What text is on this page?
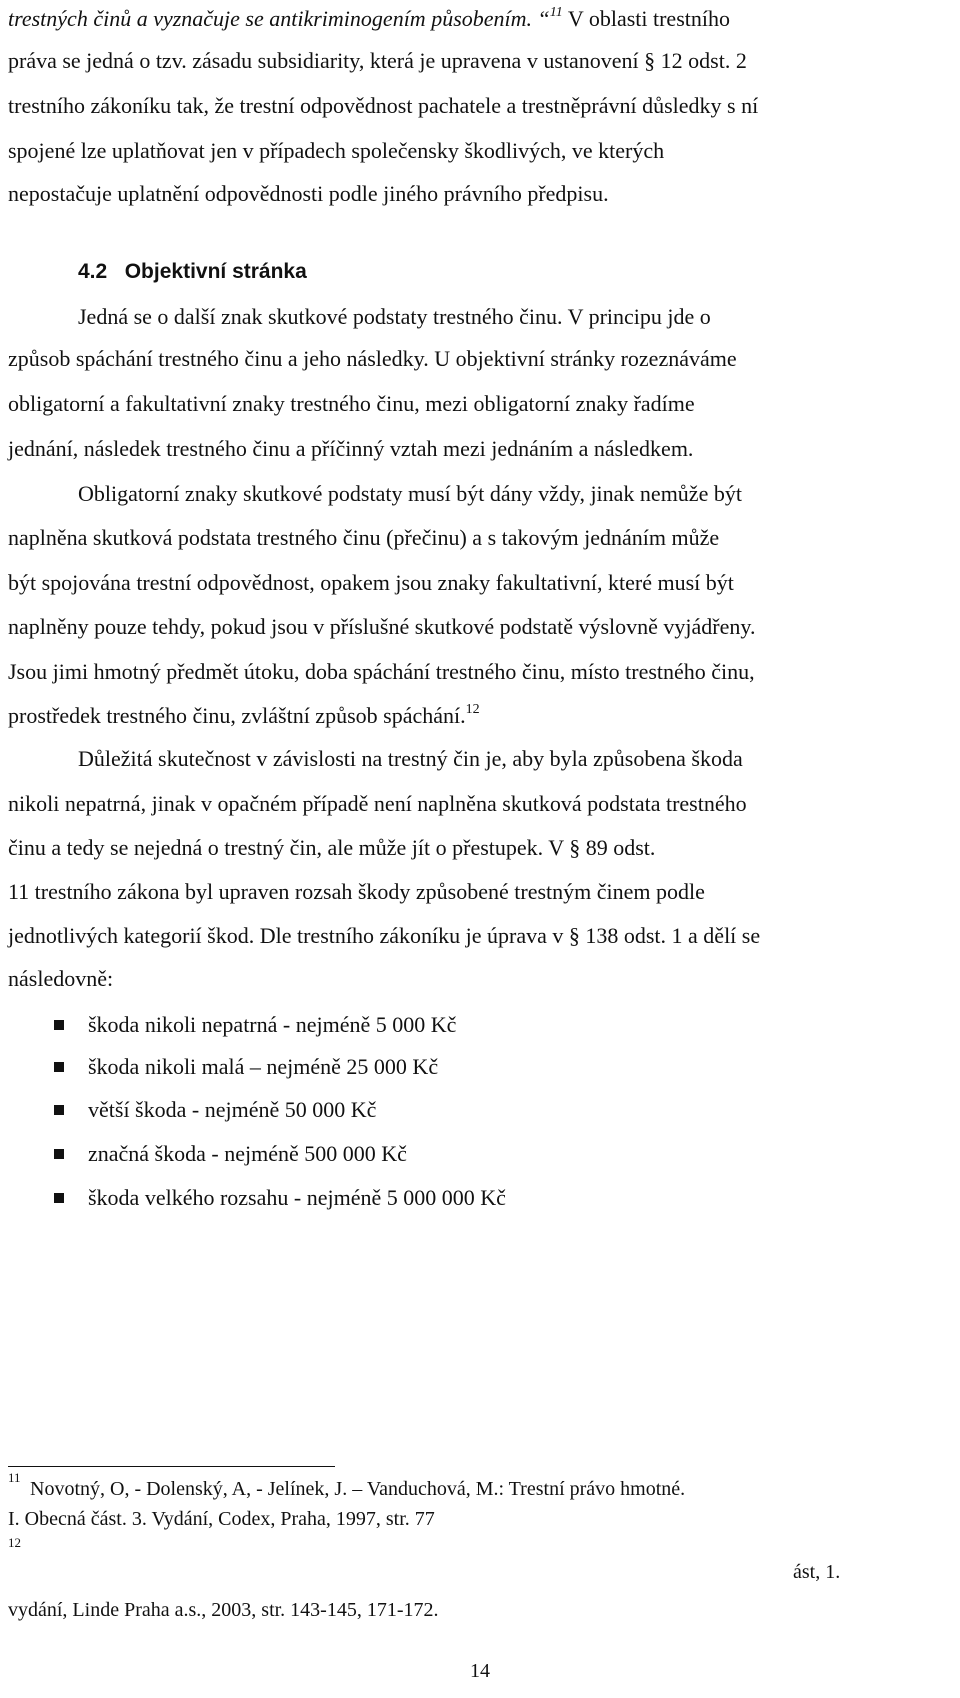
trestných činů a vyznačuje se antikriminogením působením. “$^{11}$ V oblasti trestního
práva se jedná o tzv. zásadu subsidiarity, která je upravena v ustanovení § 12 odst. 2
trestního zákoníku tak, že trestní odpovědnost pachatele a trestněprávní důsledky s ní
spojené lze uplatňovat jen v případech společensky škodlivých, ve kterých
nepostačuje uplatnění odpovědnosti podle jiného právního předpisu.
4.2 Objektivní stránka
Jedná se o další znak skutkové podstaty trestného činu. V principu jde o
způsob spáchání trestného činu a jeho následky. U objektivní stránky rozeznáváme
obligatorní a fakultativní znaky trestného činu, mezi obligatorní znaky řadíme
jednání, následek trestného činu a příčinný vztah mezi jednáním a následkem.
Obligatorní znaky skutkové podstaty musí být dány vždy, jinak nemůže být
naplněna skutková podstata trestného činu (přečinu) a s takovým jednáním může
být spojována trestní odpovědnost, opakem jsou znaky fakultativní, které musí být
naplněny pouze tehdy, pokud jsou v příslušné skutkové podstatě výslovně vyjádřeny.
Jsou jimi hmotný předmět útoku, doba spáchání trestného činu, místo trestného činu,
prostředek trestného činu, zvláštní způsob spáchání.$^{12}$
Důležitá skutečnost v závislosti na trestný čin je, aby byla způsobena škoda
nikoli nepatrná, jinak v opačném případě není naplněna skutková podstata trestného
činu a tedy se nejedná o trestný čin, ale může jít o přestupek. V § 89 odst.
11 trestního zákona byl upraven rozsah škody způsobené trestným činem podle
jednotlivých kategorií škod. Dle trestního zákoníku je úprava v § 138 odst. 1 a dělí se
následovně:
škoda nikoli nepatrná - nejméně 5 000 Kč
škoda nikoli malá – nejméně 25 000 Kč
větší škoda - nejméně 50 000 Kč
značná škoda - nejméně 500 000 Kč
škoda velkého rozsahu - nejméně 5 000 000 Kč
11
Novotný, O, - Dolenský, A, - Jelínek, J. – Vanduchová, M.: Trestní právo hmotné.
I. Obecná část. 3. Vydání, Codex, Praha, 1997, str. 77
12
ást, 1.
vydání, Linde Praha a.s., 2003, str. 143-145, 171-172.
14
